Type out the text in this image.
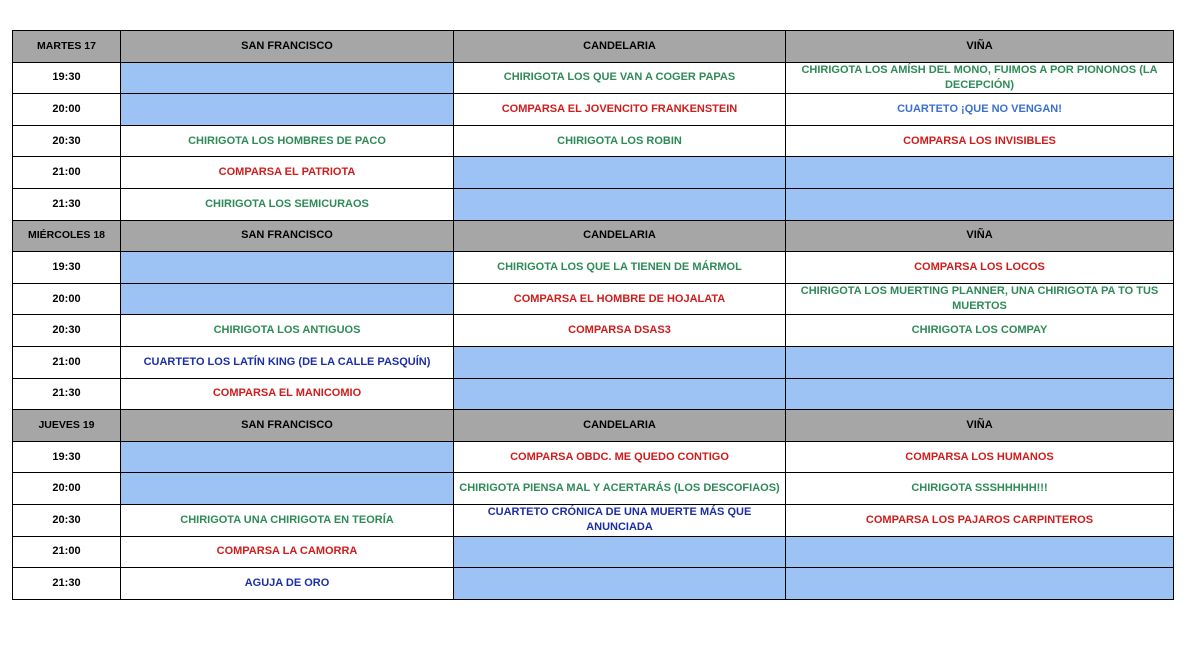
MARTES 17	SAN FRANCISCO	CANDELARIA	VIÑA
19:30		CHIRIGOTA LOS QUE VAN A COGER PAPAS	CHIRIGOTA LOS AMÍSH DEL MONO, FUIMOS A POR PIONONOS (LA DECEPCIÓN)
20:00		COMPARSA EL JOVENCITO FRANKENSTEIN	CUARTETO ¡QUE NO VENGAN!
20:30	CHIRIGOTA LOS HOMBRES DE PACO	CHIRIGOTA LOS ROBIN	COMPARSA LOS INVISIBLES
21:00	COMPARSA EL PATRIOTA		
21:30	CHIRIGOTA LOS SEMICURAOS		
MIÉRCOLES 18	SAN FRANCISCO	CANDELARIA	VIÑA
19:30		CHIRIGOTA LOS QUE LA TIENEN DE MÁRMOL	COMPARSA LOS LOCOS
20:00		COMPARSA EL HOMBRE DE HOJALATA	CHIRIGOTA LOS MUERTING PLANNER, UNA CHIRIGOTA PA TO TUS MUERTOS
20:30	CHIRIGOTA LOS ANTIGUOS	COMPARSA DSAS3	CHIRIGOTA LOS COMPAY
21:00	CUARTETO LOS LATÍN KING (DE LA CALLE PASQUÍN)		
21:30	COMPARSA EL MANICOMIO		
JUEVES 19	SAN FRANCISCO	CANDELARIA	VIÑA
19:30		COMPARSA OBDC. ME QUEDO CONTIGO	COMPARSA LOS HUMANOS
20:00		CHIRIGOTA PIENSA MAL Y ACERTARÁS (LOS DESCOFIAOS)	CHIRIGOTA SSSHHHHH!!!
20:30	CHIRIGOTA UNA CHIRIGOTA EN TEORÍA	CUARTETO CRÓNICA DE UNA MUERTE MÁS QUE ANUNCIADA	COMPARSA LOS PAJAROS CARPINTEROS
21:00	COMPARSA LA CAMORRA		
21:30	AGUJA DE ORO		
